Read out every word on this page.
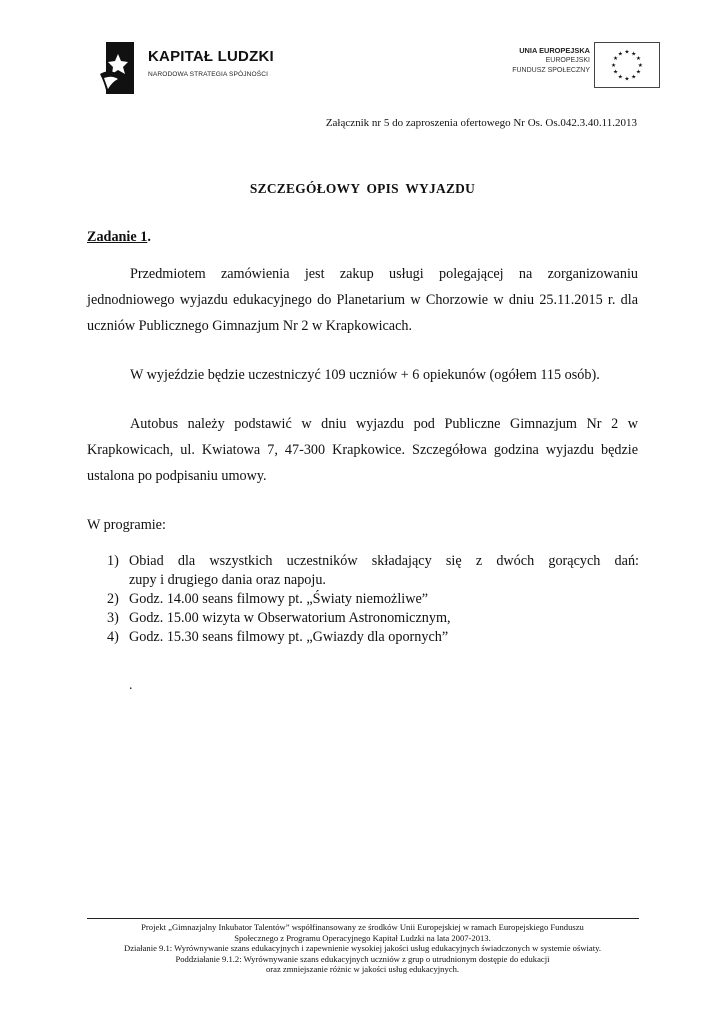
KAPITAŁ LUDZKI
NARODOWA STRATEGIA SPÓJNOŚCI
UNIA EUROPEJSKA
EUROPEJSKI
FUNDUSZ SPOŁECZNY
★ ★
★
★
★
★
★
★
★
★
★
★
Załącznik nr 5 do zaproszenia ofertowego Nr Os. Os.042.3.40.11.2013
SZCZEGÓŁOWY OPIS WYJAZDU
Zadanie 1.
Przedmiotem zamówienia jest zakup usługi polegającej na zorganizowaniu jednodniowego wyjazdu edukacyjnego do Planetarium w Chorzowie w dniu 25.11.2015 r. dla uczniów Publicznego Gimnazjum Nr 2 w Krapkowicach.
W wyjeździe będzie uczestniczyć 109 uczniów + 6 opiekunów (ogółem 115 osób).
Autobus należy podstawić w dniu wyjazdu pod Publiczne Gimnazjum Nr 2 w Krapkowicach, ul. Kwiatowa 7, 47-300 Krapkowice. Szczegółowa godzina wyjazdu będzie ustalona po podpisaniu umowy.
W programie:
1) Obiad dla wszystkich uczestników składający się z dwóch gorących dań:
zupy i drugiego dania oraz napoju.
2) Godz. 14.00 seans filmowy pt. „Światy niemożliwe”
3) Godz. 15.00 wizyta w Obserwatorium Astronomicznym,
4) Godz. 15.30 seans filmowy pt. „Gwiazdy dla opornych”
.
Projekt „Gimnazjalny Inkubator Talentów” współfinansowany ze środków Unii Europejskiej w ramach Europejskiego Funduszu
Społecznego z Programu Operacyjnego Kapitał Ludzki na lata 2007-2013.
Działanie 9.1: Wyrównywanie szans edukacyjnych i zapewnienie wysokiej jakości usług edukacyjnych świadczonych w systemie oświaty.
Poddziałanie 9.1.2: Wyrównywanie szans edukacyjnych uczniów z grup o utrudnionym dostępie do edukacji
oraz zmniejszanie różnic w jakości usług edukacyjnych.
